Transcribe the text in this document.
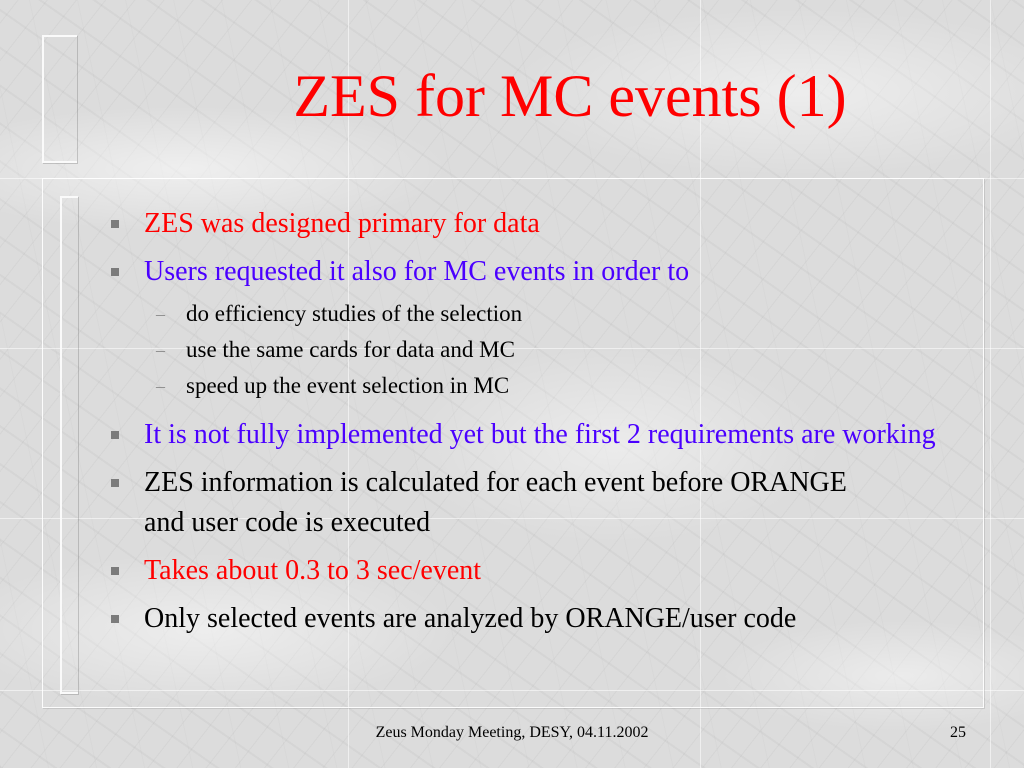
ZES for MC events (1)
ZES was designed primary for data
Users requested it also for MC events in order to
– do efficiency studies of the selection
– use the same cards for data and MC
– speed up the event selection in MC
It is not fully implemented yet but the first 2 requirements are working
ZES information is calculated for each event before ORANGE and user code is executed
Takes about 0.3 to 3 sec/event
Only selected events are analyzed by ORANGE/user code
Zeus Monday Meeting, DESY, 04.11.2002	25
